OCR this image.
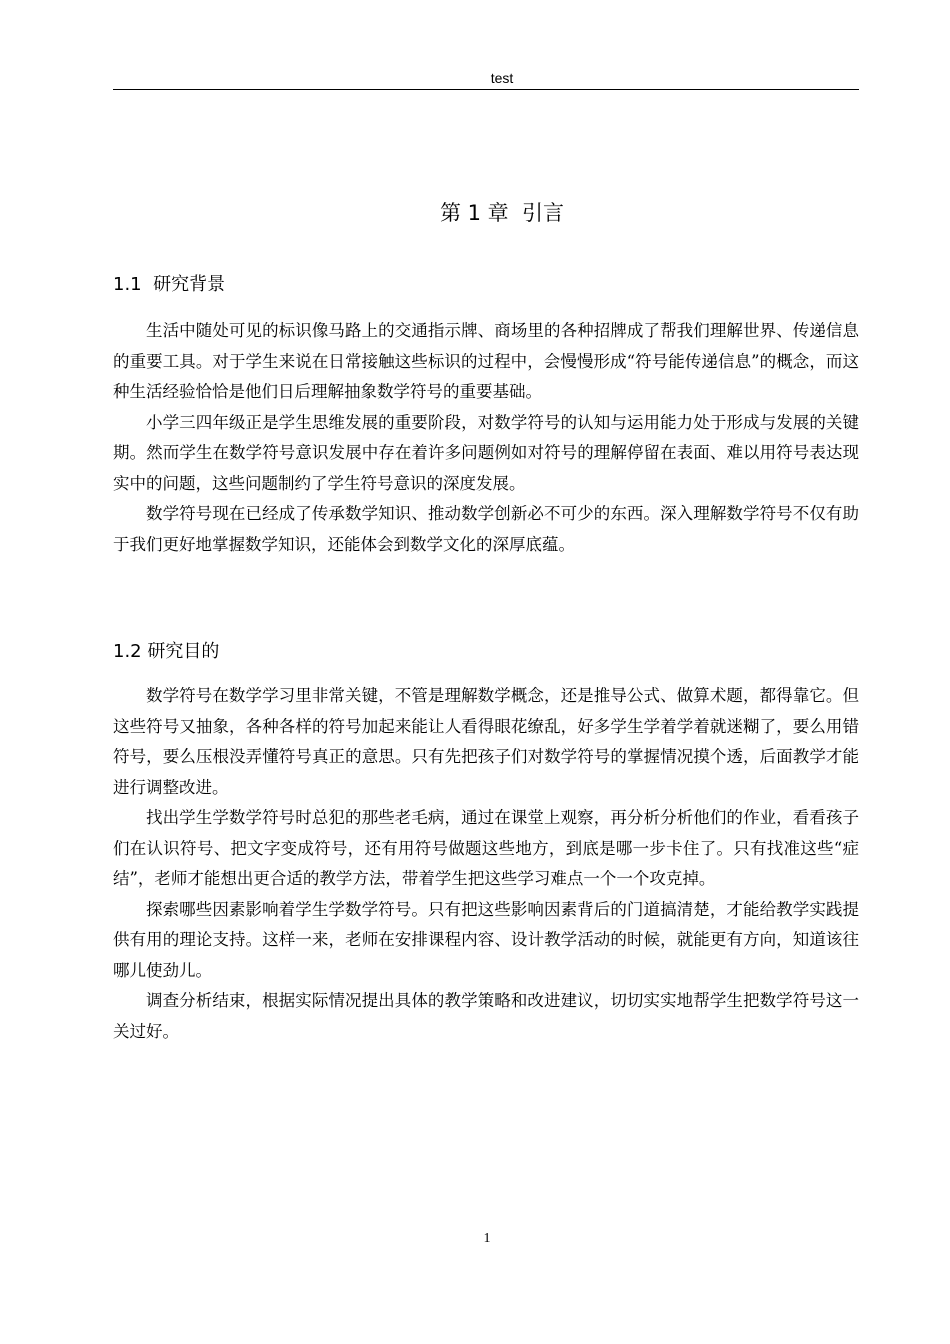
test
第 1 章  引言
1.1  研究背景

生活中随处可见的标识像马路上的交通指示牌、商场里的各种招牌成了帮我们理解世界、传递信息的重要工具。对于学生来说在日常接触这些标识的过程中，会慢慢形成“符号能传递信息”的概念，而这种生活经验恰恰是他们日后理解抽象数学符号的重要基础。

小学三四年级正是学生思维发展的重要阶段，对数学符号的认知与运用能力处于形成与发展的关键期。然而学生在数学符号意识发展中存在着许多问题例如对符号的理解停留在表面、难以用符号表达现实中的问题，这些问题制约了学生符号意识的深度发展。

数学符号现在已经成了传承数学知识、推动数学创新必不可少的东西。深入理解数学符号不仅有助于我们更好地掌握数学知识，还能体会到数学文化的深厚底蕴。

1.2 研究目的

数学符号在数学学习里非常关键，不管是理解数学概念，还是推导公式、做算术题，都得靠它。但这些符号又抽象，各种各样的符号加起来能让人看得眼花缭乱，好多学生学着学着就迷糊了，要么用错符号，要么压根没弄懂符号真正的意思。只有先把孩子们对数学符号的掌握情况摸个透，后面教学才能进行调整改进。

找出学生学数学符号时总犯的那些老毛病，通过在课堂上观察，再分析分析他们的作业，看看孩子们在认识符号、把文字变成符号，还有用符号做题这些地方，到底是哪一步卡住了。只有找准这些“症结”，老师才能想出更合适的教学方法，带着学生把这些学习难点一个一个攻克掉。

探索哪些因素影响着学生学数学符号。只有把这些影响因素背后的门道搞清楚，才能给教学实践提供有用的理论支持。这样一来，老师在安排课程内容、设计教学活动的时候，就能更有方向，知道该往哪儿使劲儿。

调查分析结束，根据实际情况提出具体的教学策略和改进建议，切切实实地帮学生把数学符号这一关过好。

1
